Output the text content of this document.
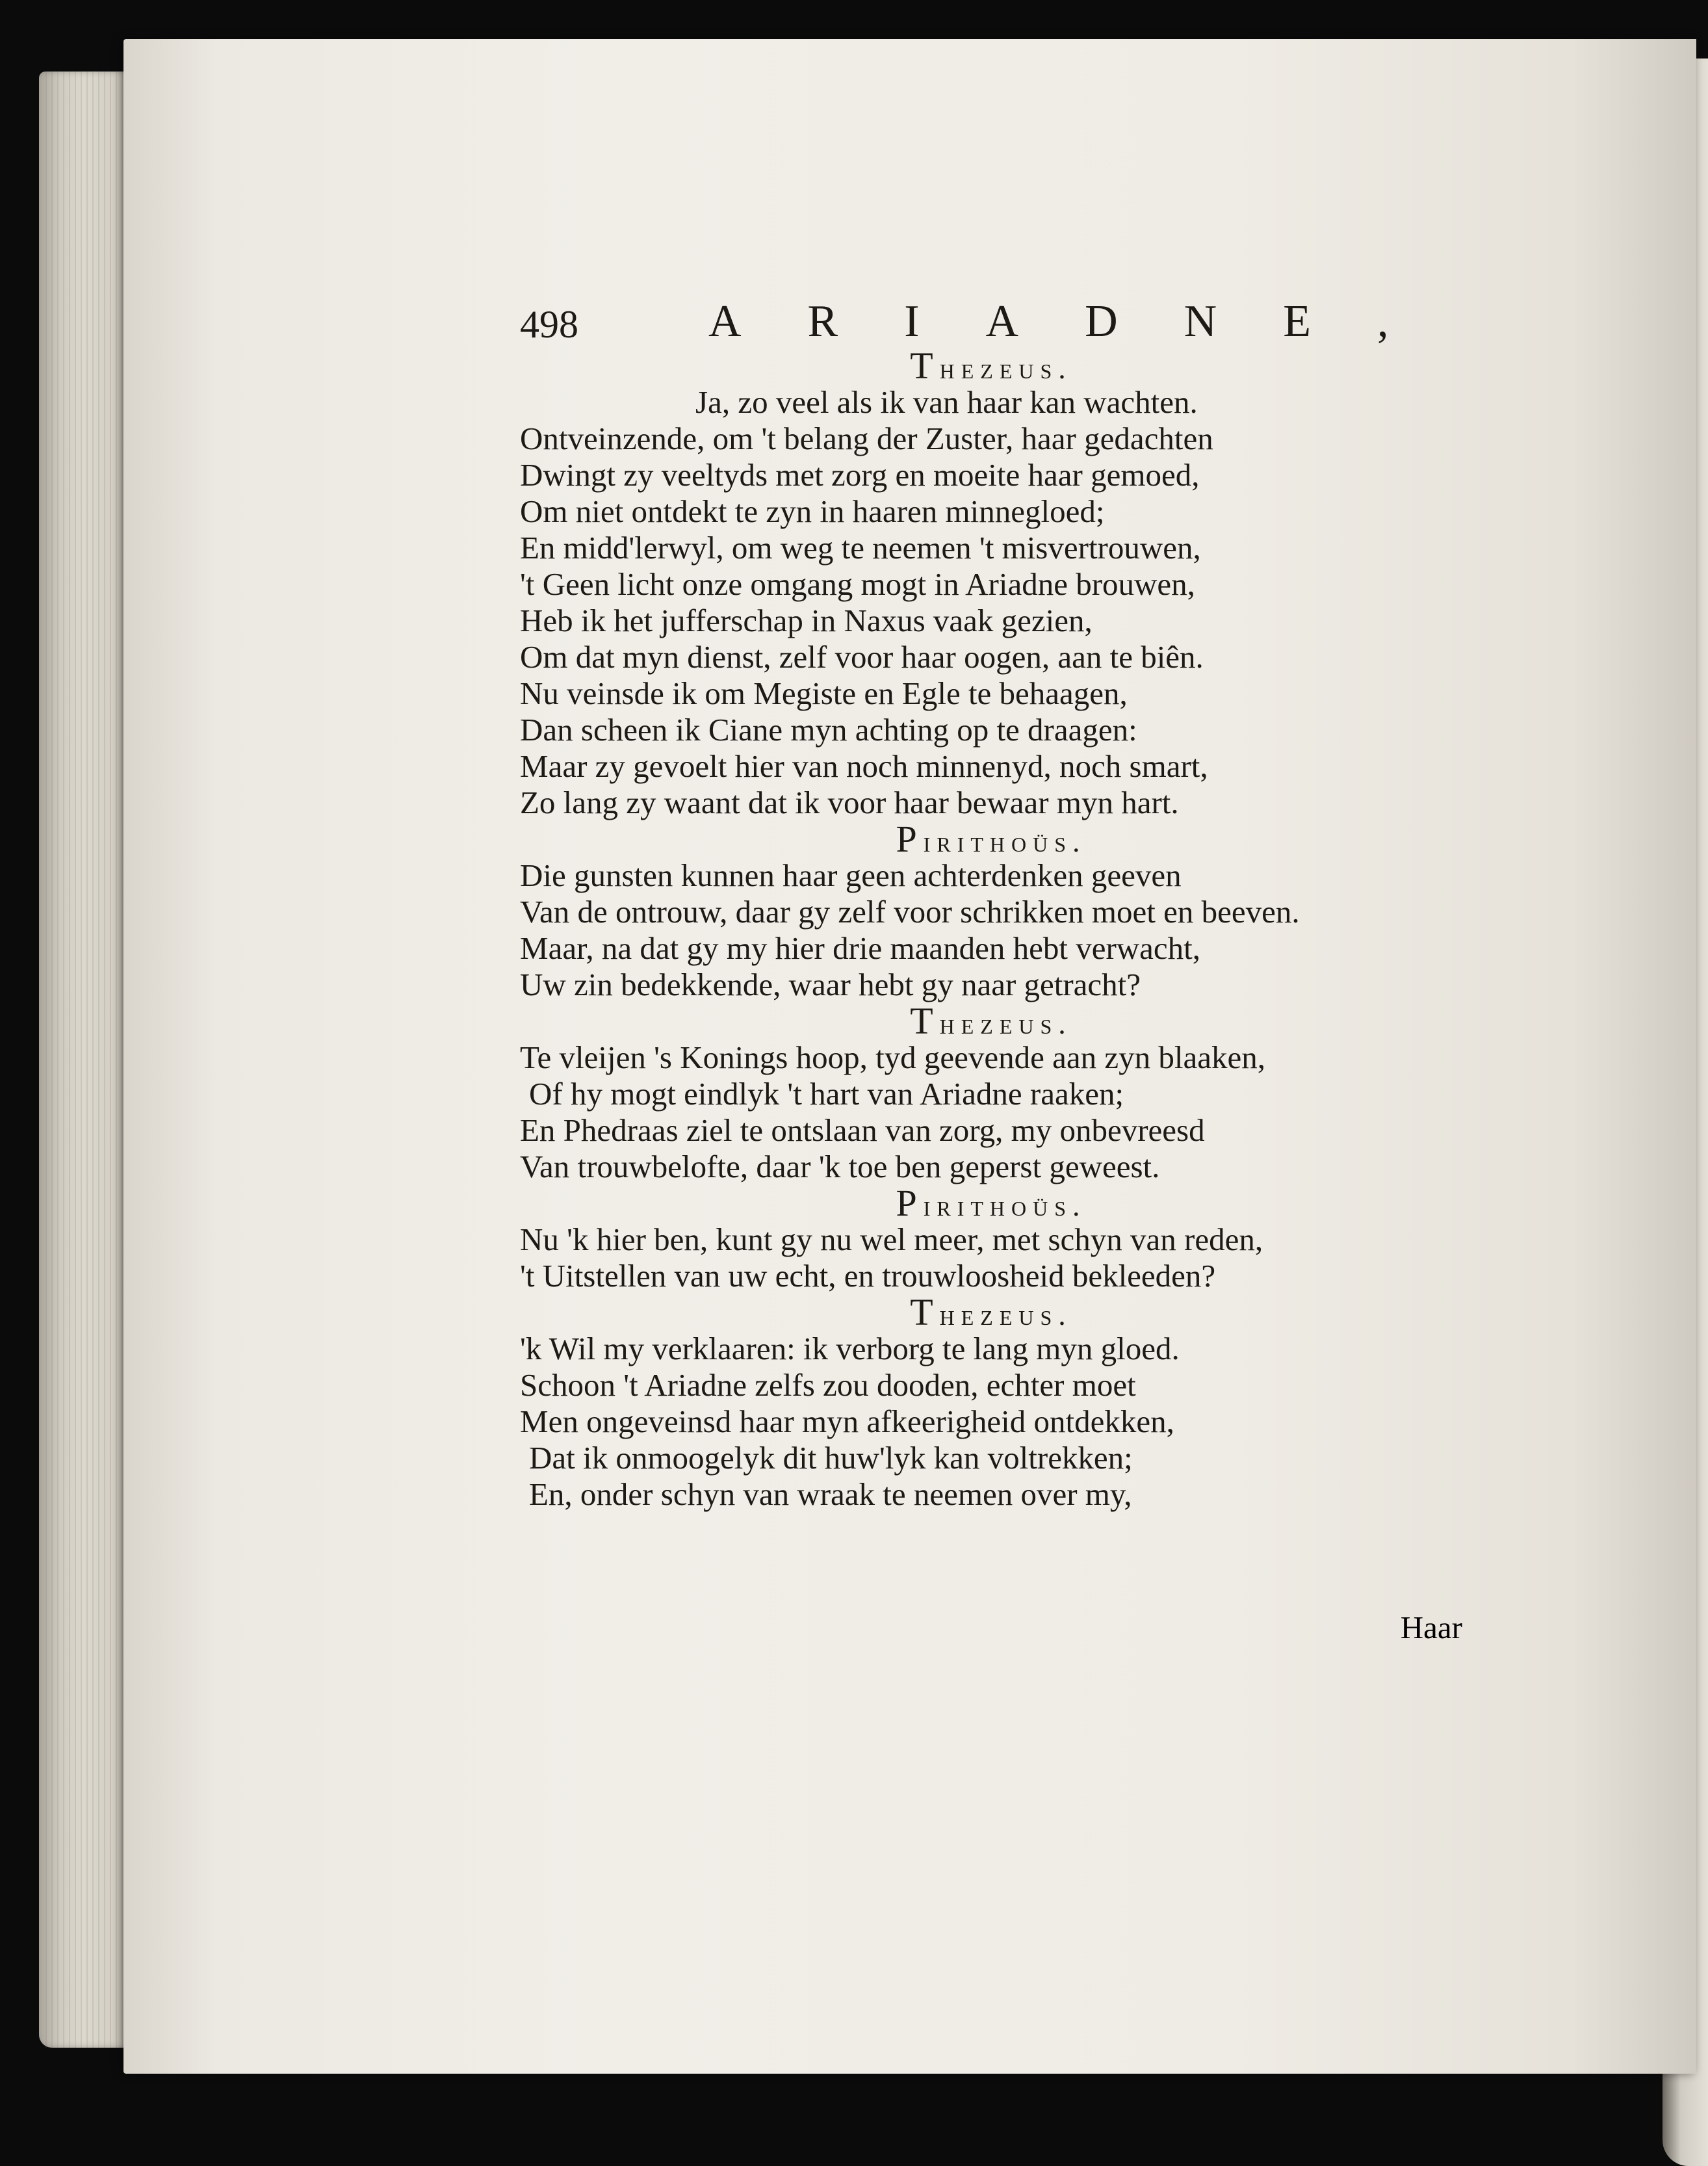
498	ARIADNE,
Thezeus.
Ja, zo veel als ik van haar kan wachten.
Ontveinzende, om 't belang der Zuster, haar gedachten
Dwingt zy veeltyds met zorg en moeite haar gemoed,
Om niet ontdekt te zyn in haaren minnegloed;
En midd'lerwyl, om weg te neemen 't misvertrouwen,
't Geen licht onze omgang mogt in Ariadne brouwen,
Heb ik het jufferschap in Naxus vaak gezien,
Om dat myn dienst, zelf voor haar oogen, aan te biên.
Nu veinsde ik om Megiste en Egle te behaagen,
Dan scheen ik Ciane myn achting op te draagen:
Maar zy gevoelt hier van noch minnenyd, noch smart,
Zo lang zy waant dat ik voor haar bewaar myn hart.
Pirithoüs.
Die gunsten kunnen haar geen achterdenken geeven
Van de ontrouw, daar gy zelf voor schrikken moet en beeven.
Maar, na dat gy my hier drie maanden hebt verwacht,
Uw zin bedekkende, waar hebt gy naar getracht?
Thezeus.
Te vleijen 's Konings hoop, tyd geevende aan zyn blaaken,
Of hy mogt eindlyk 't hart van Ariadne raaken;
En Phedraas ziel te ontslaan van zorg, my onbevreesd
Van trouwbelofte, daar 'k toe ben geperst geweest.
Pirithoüs.
Nu 'k hier ben, kunt gy nu wel meer, met schyn van reden,
't Uitstellen van uw echt, en trouwloosheid bekleeden?
Thezeus.
'k Wil my verklaaren: ik verborg te lang myn gloed.
Schoon 't Ariadne zelfs zou dooden, echter moet
Men ongeveinsd haar myn afkeerigheid ontdekken,
Dat ik onmoogelyk dit huw'lyk kan voltrekken;
En, onder schyn van wraak te neemen over my,
Haar
